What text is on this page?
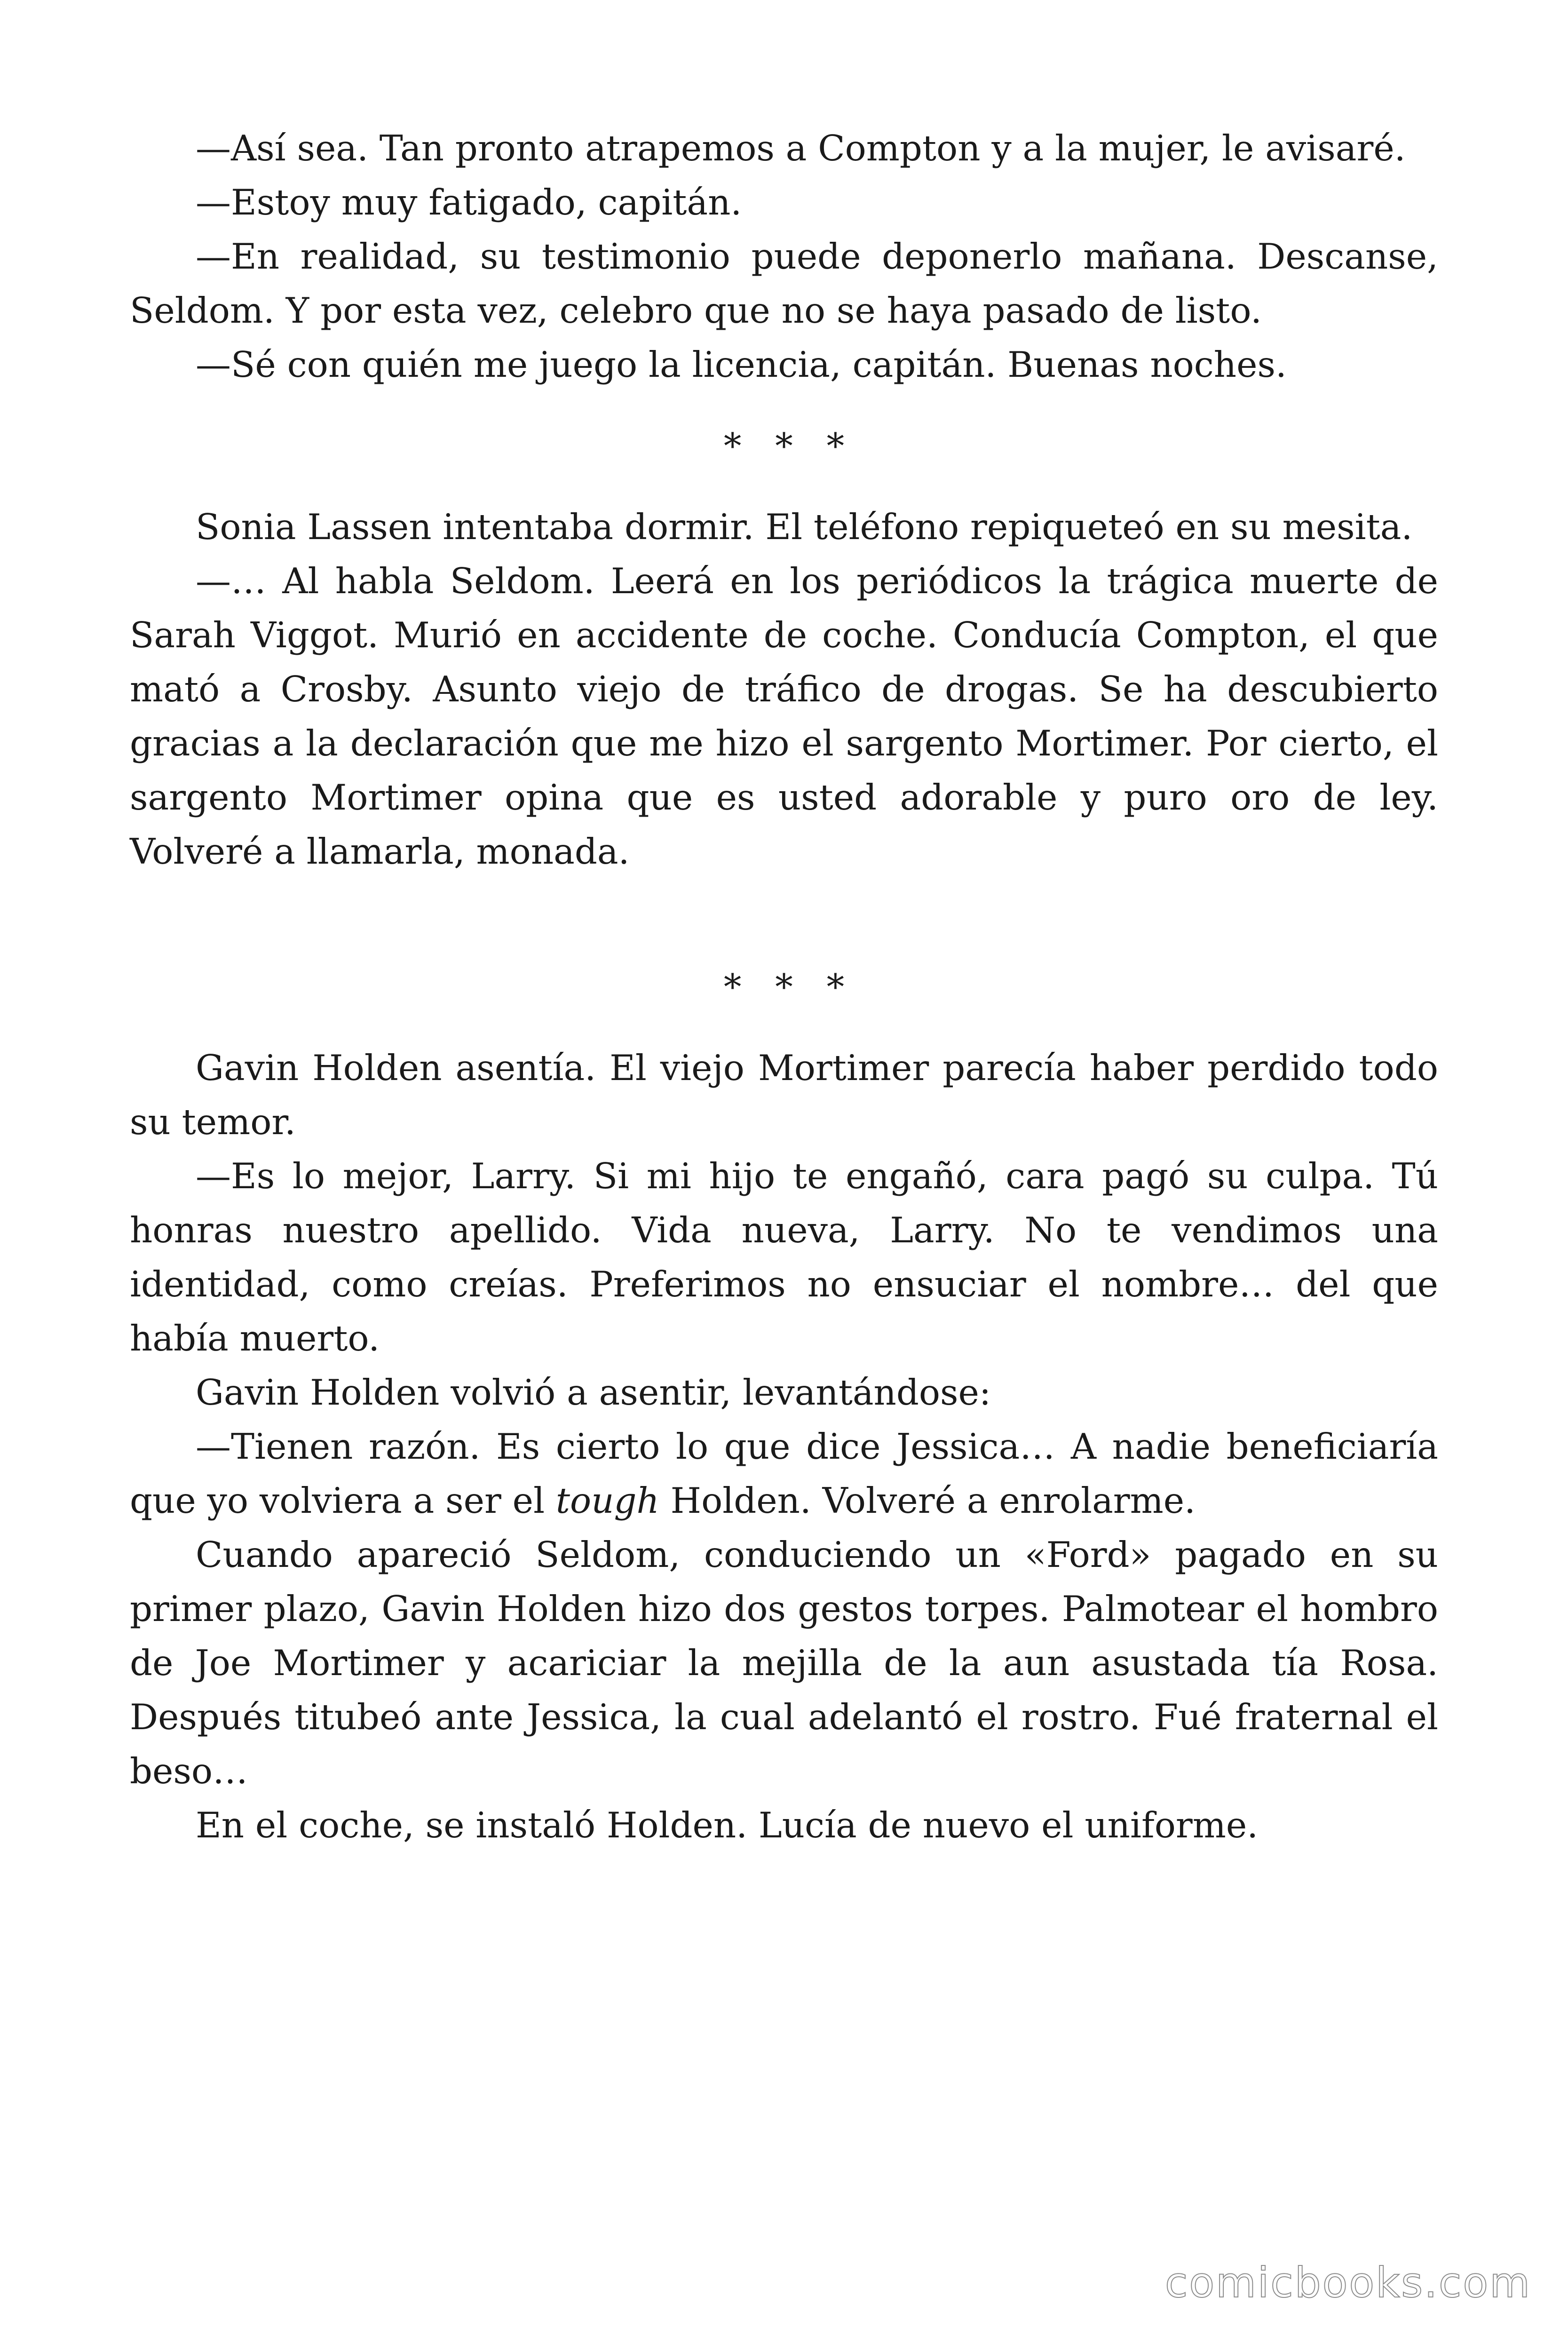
—Así sea. Tan pronto atrapemos a Compton y a la mujer, le avisaré.

—Estoy muy fatigado, capitán.

—En realidad, su testimonio puede deponerlo mañana. Descanse, Seldom. Y por esta vez, celebro que no se haya pasado de listo.

—Sé con quién me juego la licencia, capitán. Buenas noches.

* * *

Sonia Lassen intentaba dormir. El teléfono repiqueteó en su mesita.

—… Al habla Seldom. Leerá en los periódicos la trágica muerte de Sarah Viggot. Murió en accidente de coche. Conducía Compton, el que mató a Crosby. Asunto viejo de tráfico de drogas. Se ha descubierto gracias a la declaración que me hizo el sargento Mortimer. Por cierto, el sargento Mortimer opina que es usted adorable y puro oro de ley. Volveré a llamarla, monada.

* * *

Gavin Holden asentía. El viejo Mortimer parecía haber perdido todo su temor.

—Es lo mejor, Larry. Si mi hijo te engañó, cara pagó su culpa. Tú honras nuestro apellido. Vida nueva, Larry. No te vendimos una identidad, como creías. Preferimos no ensuciar el nombre… del que había muerto.

Gavin Holden volvió a asentir, levantándose:

—Tienen razón. Es cierto lo que dice Jessica… A nadie beneficiaría que yo volviera a ser el tough Holden. Volveré a enrolarme.

Cuando apareció Seldom, conduciendo un «Ford» pagado en su primer plazo, Gavin Holden hizo dos gestos torpes. Palmotear el hombro de Joe Mortimer y acariciar la mejilla de la aun asustada tía Rosa. Después titubeó ante Jessica, la cual adelantó el rostro. Fué fraternal el beso…

En el coche, se instaló Holden. Lucía de nuevo el uniforme.

comicbooks.com
